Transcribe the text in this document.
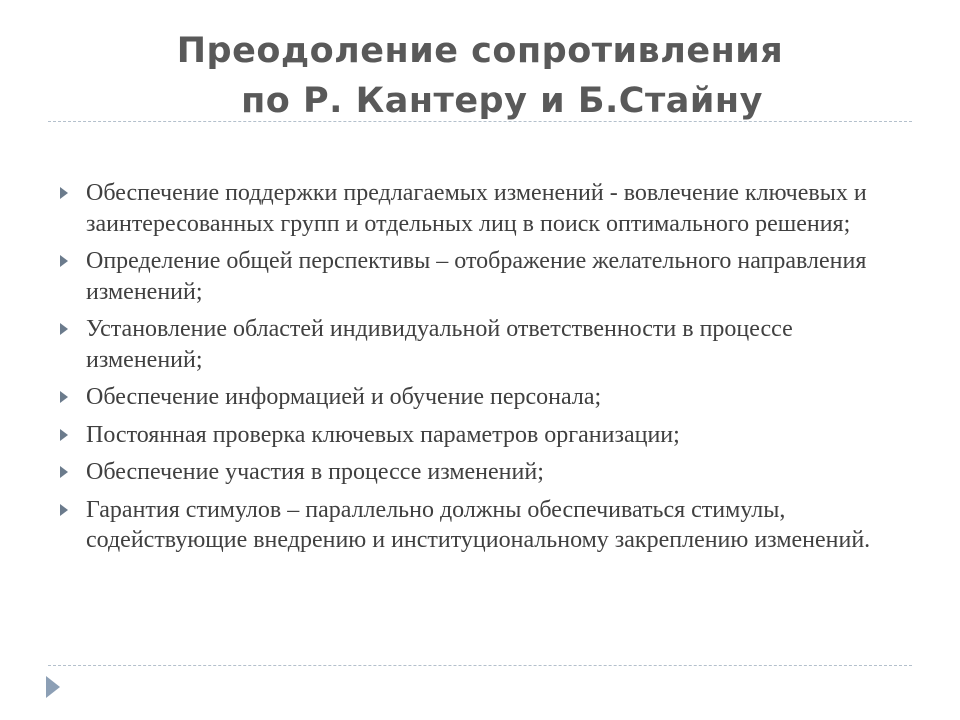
Преодоление сопротивления
по Р. Кантеру и Б.Стайну
Обеспечение поддержки предлагаемых изменений - вовлечение ключевых и заинтересованных групп и отдельных лиц в поиск оптимального решения;
Определение общей перспективы – отображение желательного направления изменений;
Установление областей индивидуальной ответственности в процессе изменений;
Обеспечение информацией и обучение персонала;
Постоянная проверка ключевых параметров организации;
Обеспечение участия в процессе изменений;
Гарантия стимулов – параллельно должны обеспечиваться стимулы, содействующие внедрению и институциональному закреплению изменений.
